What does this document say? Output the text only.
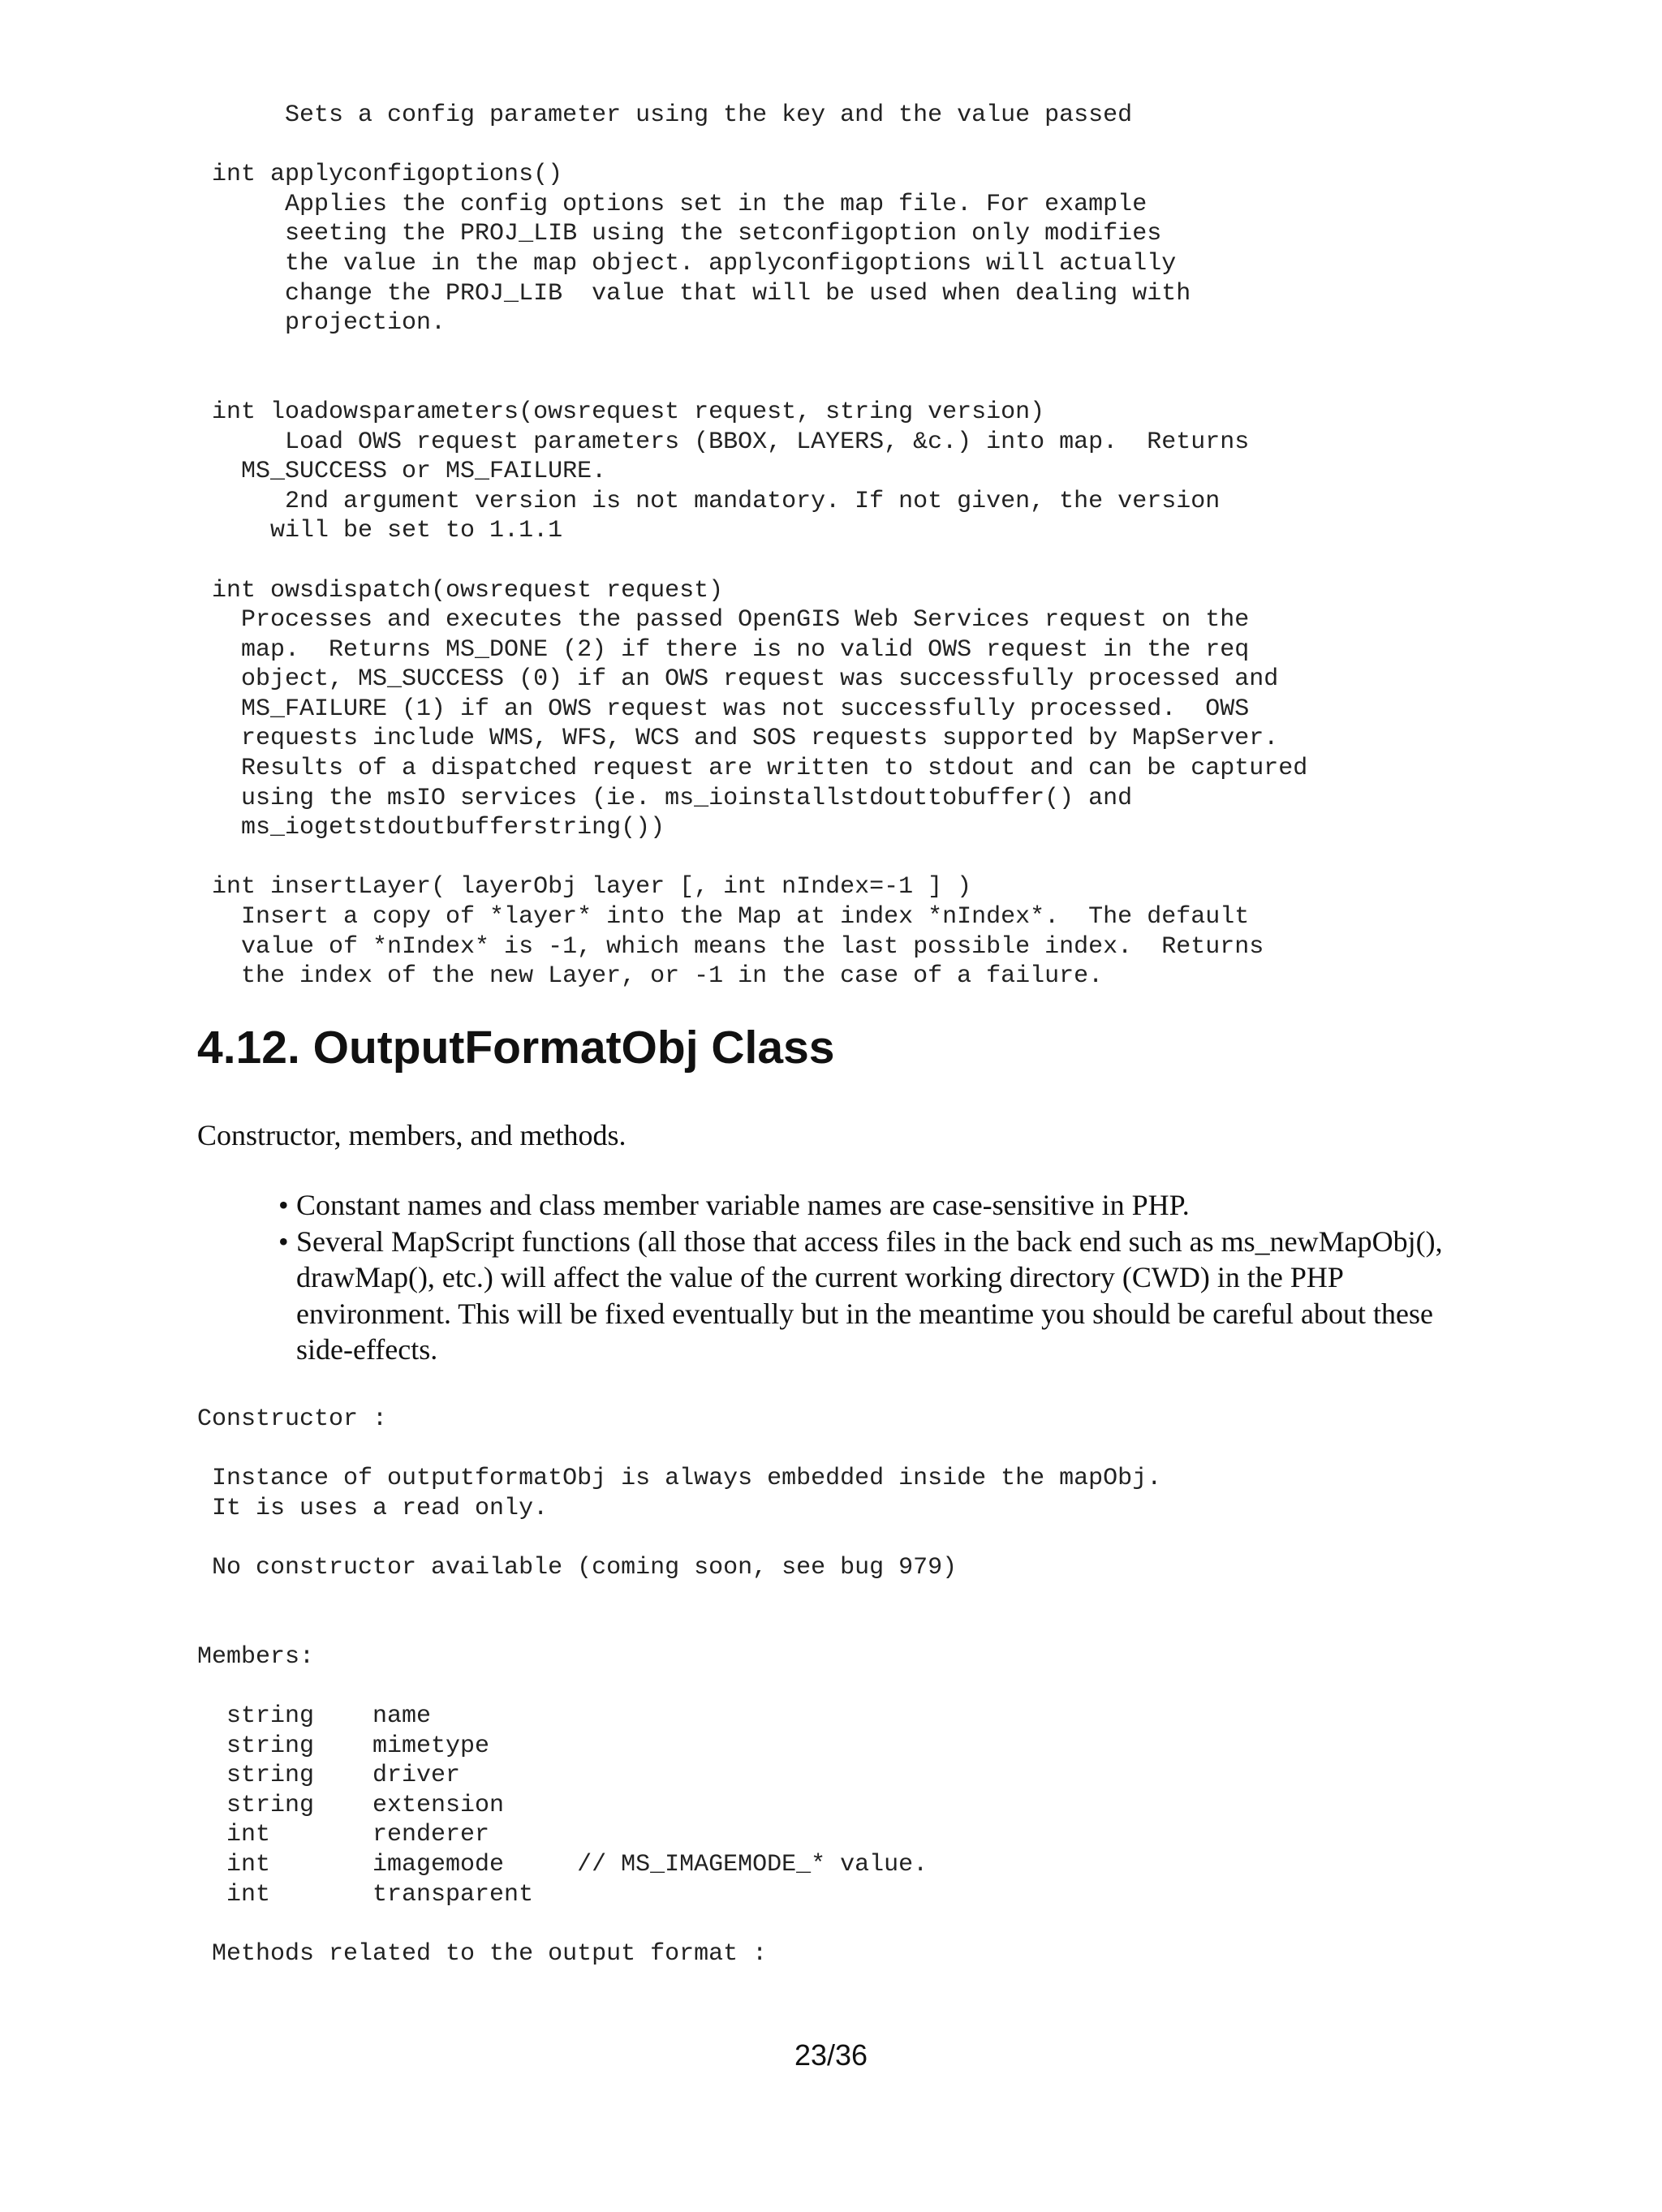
Sets a config parameter using the key and the value passed

int applyconfigoptions()
Applies the config options set in the map file. For example
seeting the PROJ_LIB using the setconfigoption only modifies
the value in the map object. applyconfigoptions will actually
change the PROJ_LIB  value that will be used when dealing with
projection.

int loadowsparameters(owsrequest request, string version)
Load OWS request parameters (BBOX, LAYERS, &c.) into map.  Returns
MS_SUCCESS or MS_FAILURE.
2nd argument version is not mandatory. If not given, the version
will be set to 1.1.1

int owsdispatch(owsrequest request)
Processes and executes the passed OpenGIS Web Services request on the
map.  Returns MS_DONE (2) if there is no valid OWS request in the req
object, MS_SUCCESS (0) if an OWS request was successfully processed and
MS_FAILURE (1) if an OWS request was not successfully processed.  OWS
requests include WMS, WFS, WCS and SOS requests supported by MapServer.
Results of a dispatched request are written to stdout and can be captured
using the msIO services (ie. ms_ioinstallstdouttobuffer() and
ms_iogetstdoutbufferstring())

int insertLayer( layerObj layer [, int nIndex=-1 ] )
Insert a copy of *layer* into the Map at index *nIndex*.  The default
value of *nIndex* is -1, which means the last possible index.  Returns
the index of the new Layer, or -1 in the case of a failure.
4.12. OutputFormatObj Class

Constructor, members, and methods.

• Constant names and class member variable names are case-sensitive in PHP.
• Several MapScript functions (all those that access files in the back end such as ms_newMapObj(), drawMap(), etc.) will affect the value of the current working directory (CWD) in the PHP environment. This will be fixed eventually but in the meantime you should be careful about these side-effects.
Constructor :

Instance of outputformatObj is always embedded inside the mapObj.
It is uses a read only.

No constructor available (coming soon, see bug 979)

Members:

string    name
string    mimetype
string    driver
string    extension
int       renderer
int       imagemode     // MS_IMAGEMODE_* value.
int       transparent

Methods related to the output format :

23/36
